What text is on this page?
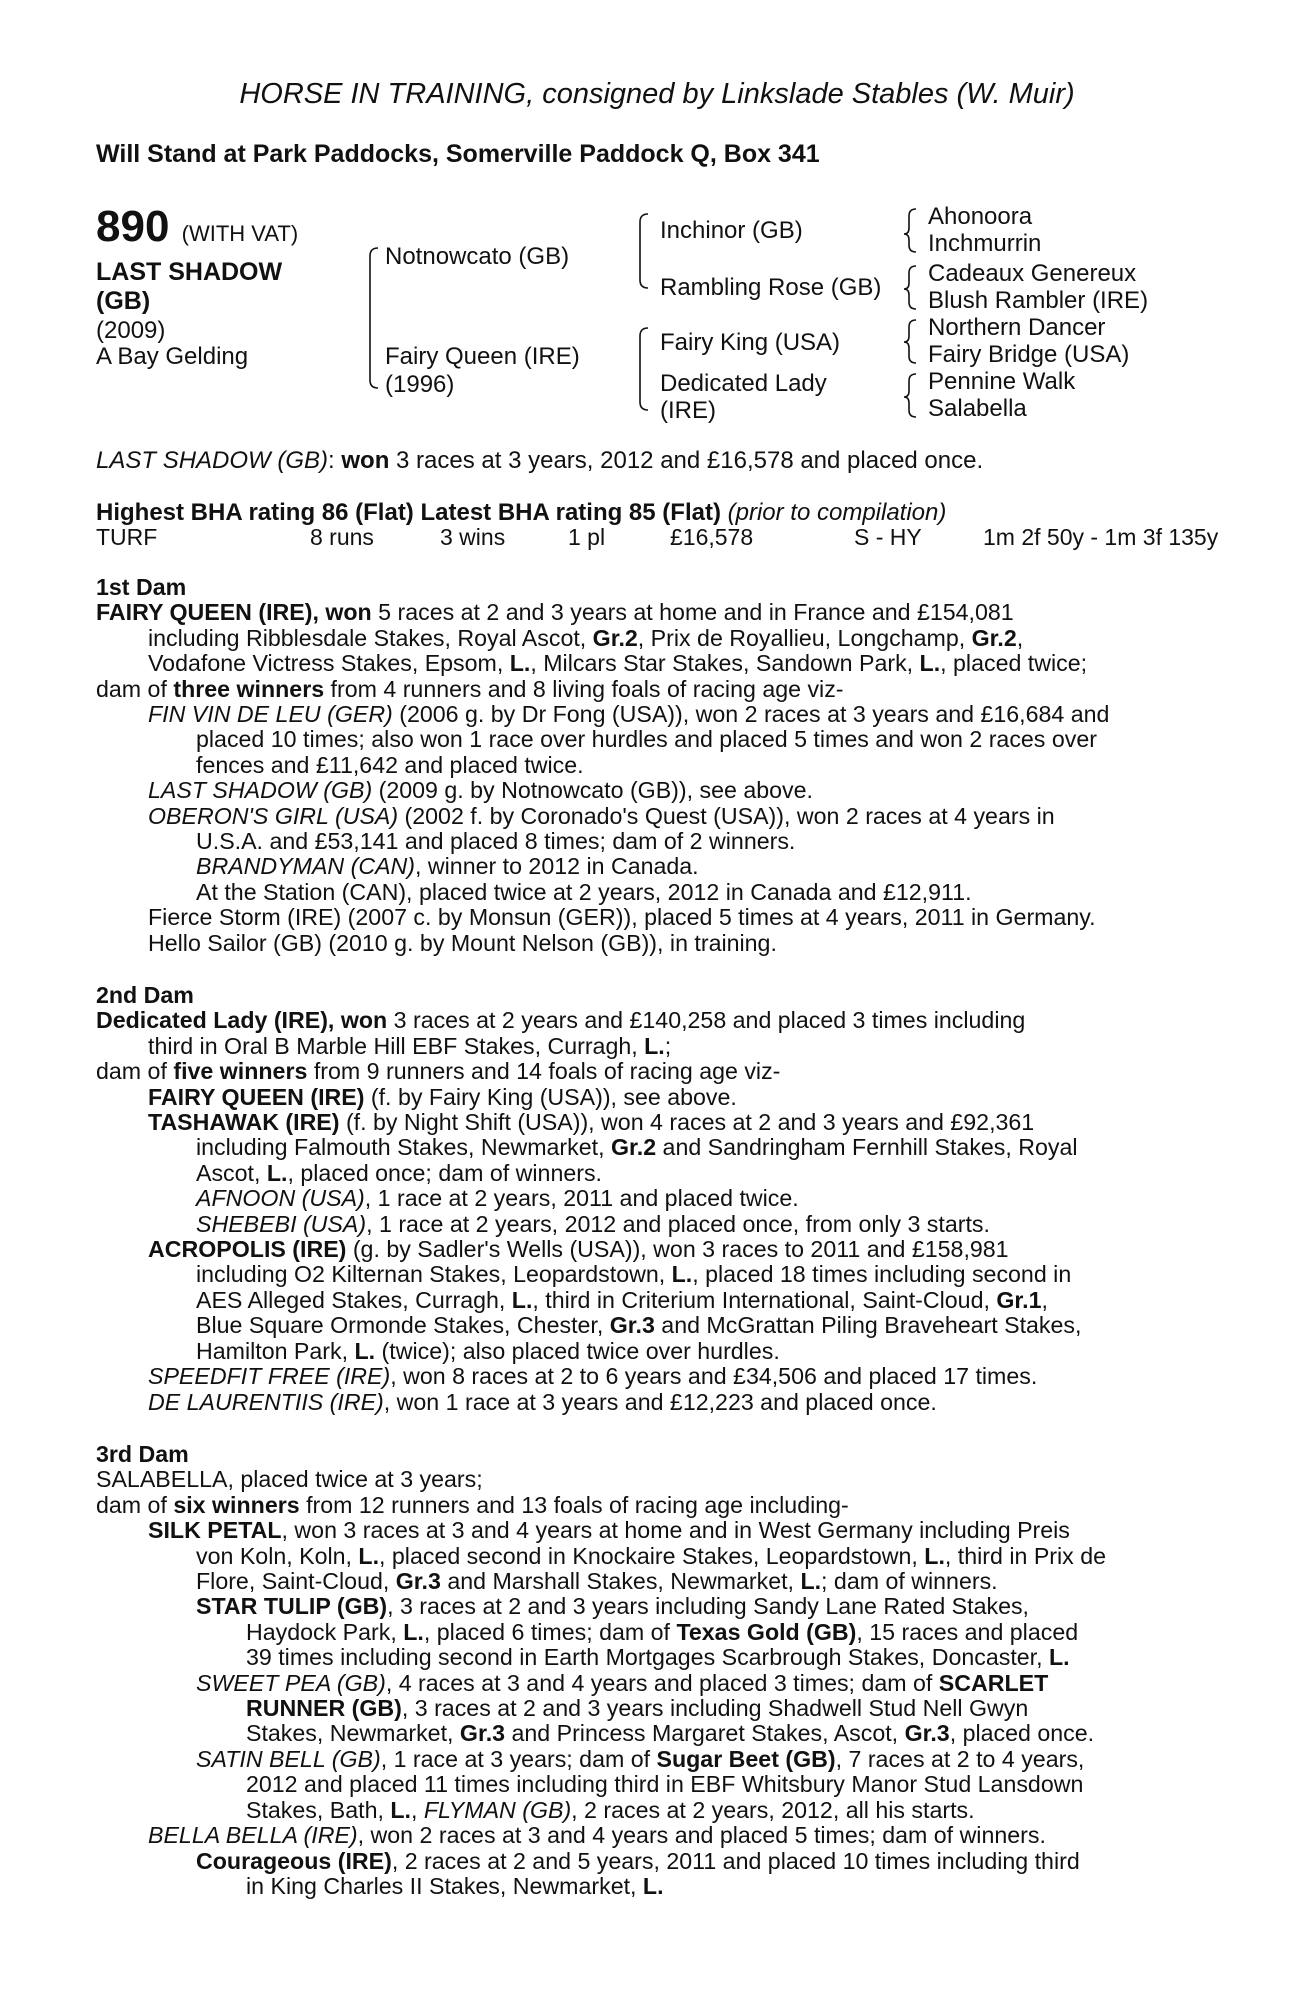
HORSE IN TRAINING, consigned by Linkslade Stables (W. Muir)
Will Stand at Park Paddocks, Somerville Paddock Q, Box 341
890 (WITH VAT)
LAST SHADOW
(GB)
(2009)
A Bay Gelding
Notnowcato (GB)
Fairy Queen (IRE)
(1996)
Inchinor (GB)
Rambling Rose (GB)
Fairy King (USA)
Dedicated Lady
(IRE)
Ahonoora
Inchmurrin
Cadeaux Genereux
Blush Rambler (IRE)
Northern Dancer
Fairy Bridge (USA)
Pennine Walk
Salabella
LAST SHADOW (GB): won 3 races at 3 years, 2012 and £16,578 and placed once.
Highest BHA rating 86 (Flat) Latest BHA rating 85 (Flat) (prior to compilation)
TURF	8 runs	3 wins	1 pl	£16,578	S - HY	1m 2f 50y - 1m 3f 135y

1st Dam

FAIRY QUEEN (IRE), won 5 races at 2 and 3 years at home and in France and £154,081

including Ribblesdale Stakes, Royal Ascot, Gr.2, Prix de Royallieu, Longchamp, Gr.2,

Vodafone Victress Stakes, Epsom, L., Milcars Star Stakes, Sandown Park, L., placed twice;

dam of three winners from 4 runners and 8 living foals of racing age viz-

FIN VIN DE LEU (GER) (2006 g. by Dr Fong (USA)), won 2 races at 3 years and £16,684 and

placed 10 times; also won 1 race over hurdles and placed 5 times and won 2 races over

fences and £11,642 and placed twice.

LAST SHADOW (GB) (2009 g. by Notnowcato (GB)), see above.

OBERON'S GIRL (USA) (2002 f. by Coronado's Quest (USA)), won 2 races at 4 years in

U.S.A. and £53,141 and placed 8 times; dam of 2 winners.

BRANDYMAN (CAN), winner to 2012 in Canada.

At the Station (CAN), placed twice at 2 years, 2012 in Canada and £12,911.

Fierce Storm (IRE) (2007 c. by Monsun (GER)), placed 5 times at 4 years, 2011 in Germany.

Hello Sailor (GB) (2010 g. by Mount Nelson (GB)), in training.

2nd Dam

Dedicated Lady (IRE), won 3 races at 2 years and £140,258 and placed 3 times including

third in Oral B Marble Hill EBF Stakes, Curragh, L.;

dam of five winners from 9 runners and 14 foals of racing age viz-

FAIRY QUEEN (IRE) (f. by Fairy King (USA)), see above.

TASHAWAK (IRE) (f. by Night Shift (USA)), won 4 races at 2 and 3 years and £92,361

including Falmouth Stakes, Newmarket, Gr.2 and Sandringham Fernhill Stakes, Royal

Ascot, L., placed once; dam of winners.

AFNOON (USA), 1 race at 2 years, 2011 and placed twice.

SHEBEBI (USA), 1 race at 2 years, 2012 and placed once, from only 3 starts.

ACROPOLIS (IRE) (g. by Sadler's Wells (USA)), won 3 races to 2011 and £158,981

including O2 Kilternan Stakes, Leopardstown, L., placed 18 times including second in

AES Alleged Stakes, Curragh, L., third in Criterium International, Saint-Cloud, Gr.1,

Blue Square Ormonde Stakes, Chester, Gr.3 and McGrattan Piling Braveheart Stakes,

Hamilton Park, L. (twice); also placed twice over hurdles.

SPEEDFIT FREE (IRE), won 8 races at 2 to 6 years and £34,506 and placed 17 times.

DE LAURENTIIS (IRE), won 1 race at 3 years and £12,223 and placed once.

3rd Dam

SALABELLA, placed twice at 3 years;

dam of six winners from 12 runners and 13 foals of racing age including-

SILK PETAL, won 3 races at 3 and 4 years at home and in West Germany including Preis

von Koln, Koln, L., placed second in Knockaire Stakes, Leopardstown, L., third in Prix de

Flore, Saint-Cloud, Gr.3 and Marshall Stakes, Newmarket, L.; dam of winners.

STAR TULIP (GB), 3 races at 2 and 3 years including Sandy Lane Rated Stakes,

Haydock Park, L., placed 6 times; dam of Texas Gold (GB), 15 races and placed

39 times including second in Earth Mortgages Scarbrough Stakes, Doncaster, L.

SWEET PEA (GB), 4 races at 3 and 4 years and placed 3 times; dam of SCARLET

RUNNER (GB), 3 races at 2 and 3 years including Shadwell Stud Nell Gwyn

Stakes, Newmarket, Gr.3 and Princess Margaret Stakes, Ascot, Gr.3, placed once.

SATIN BELL (GB), 1 race at 3 years; dam of Sugar Beet (GB), 7 races at 2 to 4 years,

2012 and placed 11 times including third in EBF Whitsbury Manor Stud Lansdown

Stakes, Bath, L., FLYMAN (GB), 2 races at 2 years, 2012, all his starts.

BELLA BELLA (IRE), won 2 races at 3 and 4 years and placed 5 times; dam of winners.

Courageous (IRE), 2 races at 2 and 5 years, 2011 and placed 10 times including third

in King Charles II Stakes, Newmarket, L.
